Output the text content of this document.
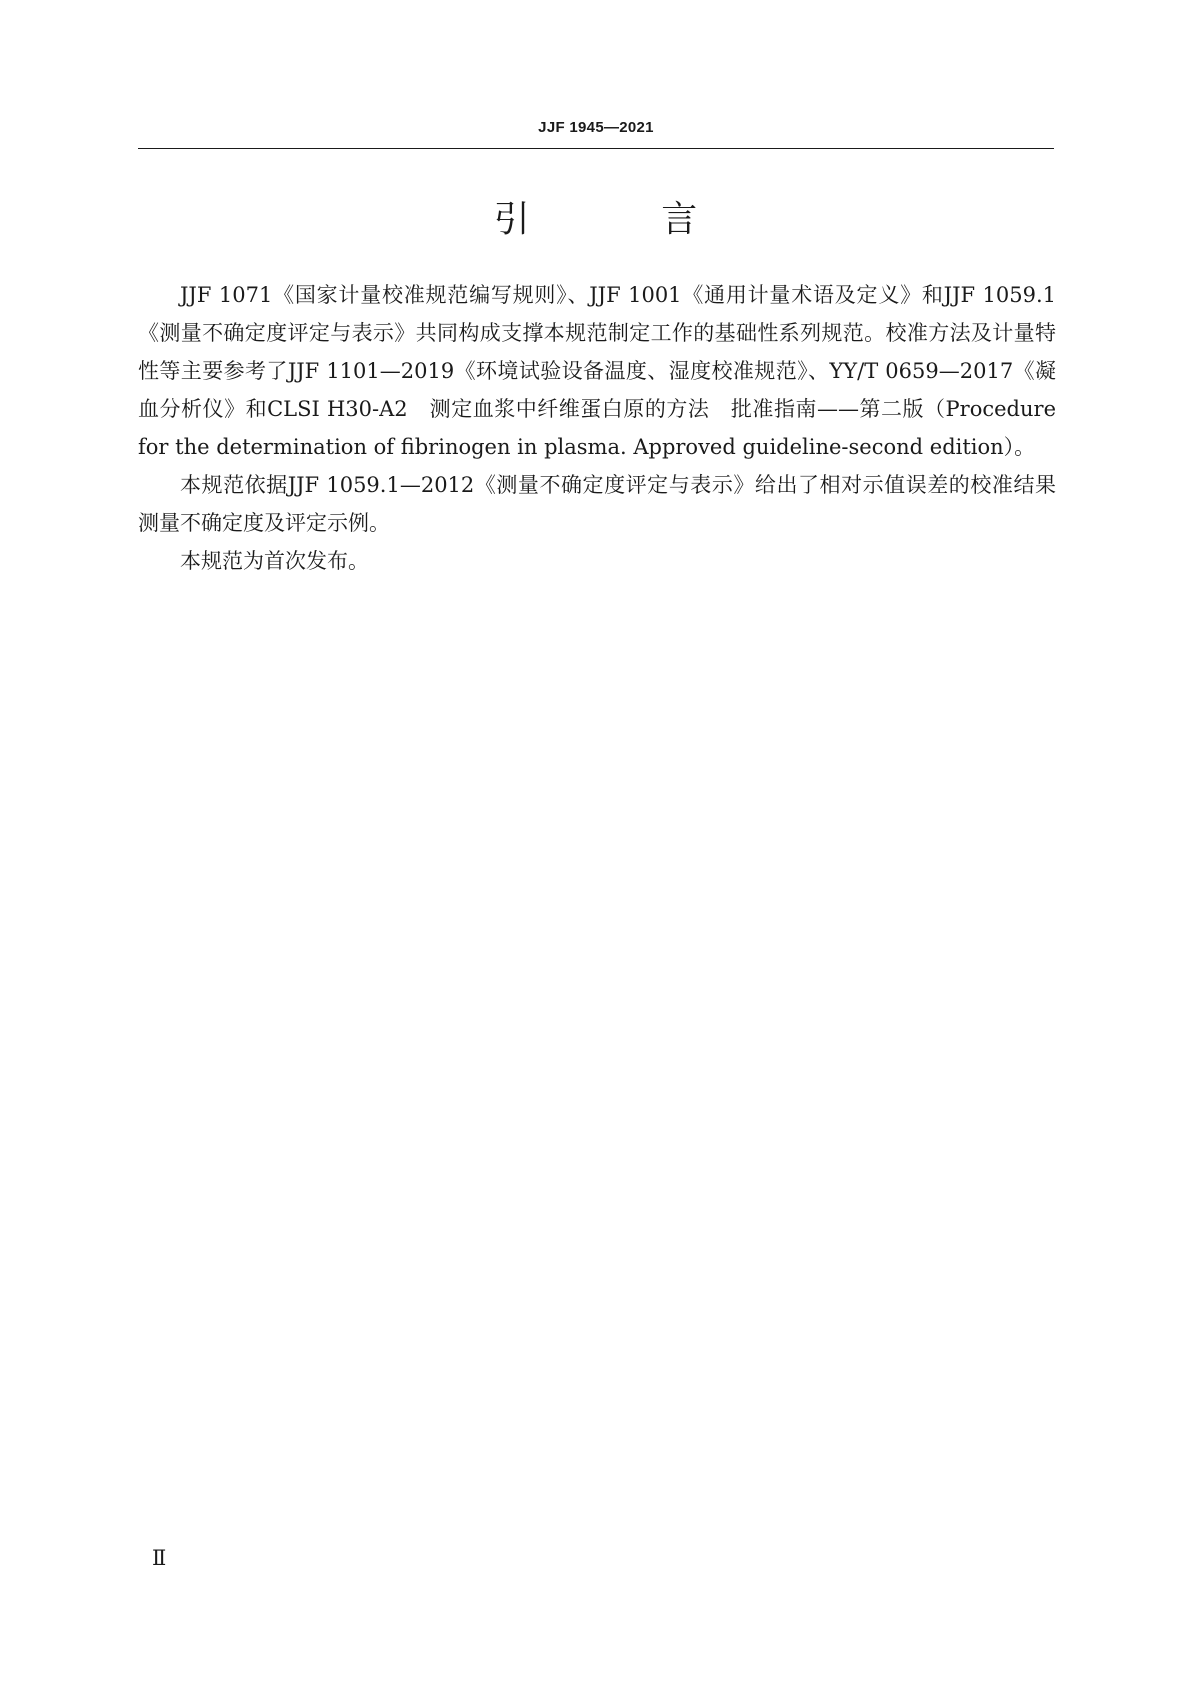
JJF 1945—2021
引 言

JJF 1071《国家计量校准规范编写规则》、JJF 1001《通用计量术语及定义》和JJF 1059.1《测量不确定度评定与表示》共同构成支撑本规范制定工作的基础性系列规范。校准方法及计量特性等主要参考了JJF 1101—2019《环境试验设备温度、湿度校准规范》、YY/T 0659—2017《凝血分析仪》和CLSI H30-A2　测定血浆中纤维蛋白原的方法　批准指南——第二版（Procedure for the determination of fibrinogen in plasma. Approved guideline-second edition）。

本规范依据JJF 1059.1—2012《测量不确定度评定与表示》给出了相对示值误差的校准结果测量不确定度及评定示例。

本规范为首次发布。

Ⅱ
